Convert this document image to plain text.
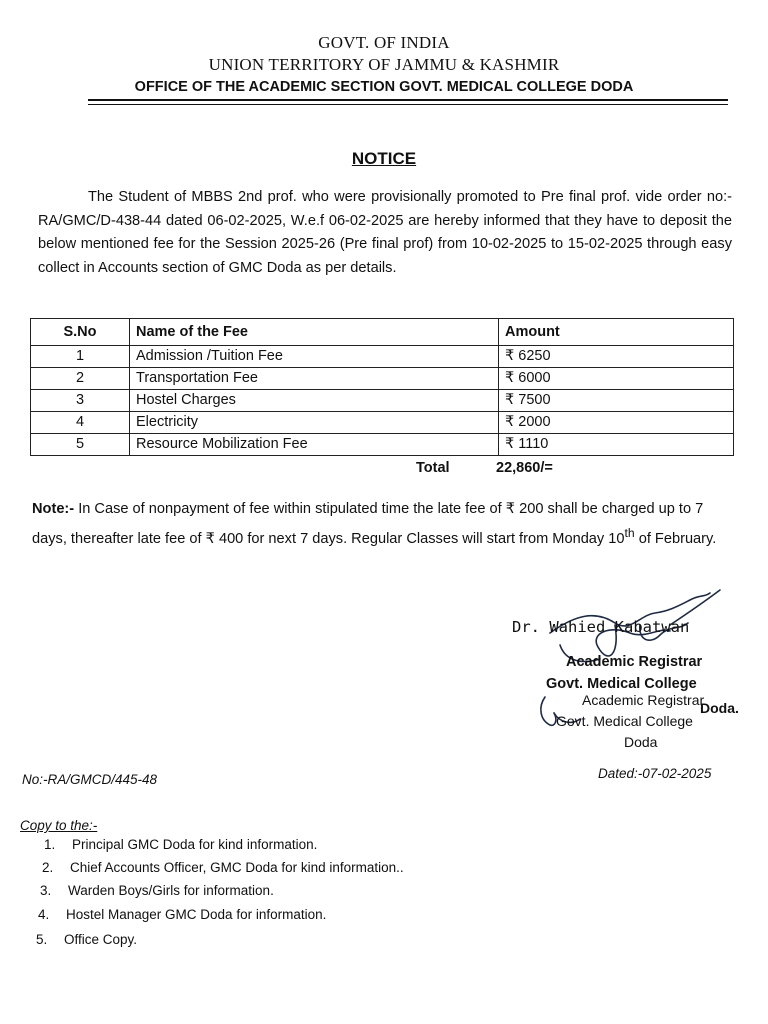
GOVT. OF INDIA
UNION TERRITORY OF JAMMU & KASHMIR
OFFICE OF THE ACADEMIC SECTION GOVT. MEDICAL COLLEGE DODA
NOTICE
The Student of MBBS 2nd prof. who were provisionally promoted to Pre final prof. vide order no:-RA/GMC/D-438-44 dated 06-02-2025, W.e.f 06-02-2025 are hereby informed that they have to deposit the below mentioned fee for the Session 2025-26 (Pre final prof) from 10-02-2025 to 15-02-2025 through easy collect in Accounts section of GMC Doda as per details.
S.No	Name of the Fee	Amount
1	Admission /Tuition Fee	₹ 6250
2	Transportation Fee	₹ 6000
3	Hostel Charges	₹ 7500
4	Electricity	₹ 2000
5	Resource Mobilization Fee	₹ 1110
Total	22,860/=
Note:- In Case of nonpayment of fee within stipulated time the late fee of ₹ 200 shall be charged up to 7 days, thereafter late fee of ₹ 400 for next 7 days. Regular Classes will start from Monday 10th of February.
Dr. Wahied Kabatwan
Academic Registrar
Govt. Medical College
Academic Registrar
Doda.
Govt. Medical College
Doda
No:-RA/GMCD/445-48	Dated:-07-02-2025
Copy to the:-
1. Principal GMC Doda for kind information.
2. Chief Accounts Officer, GMC Doda for kind information..
3. Warden Boys/Girls for information.
4. Hostel Manager GMC Doda for information.
5. Office Copy.
